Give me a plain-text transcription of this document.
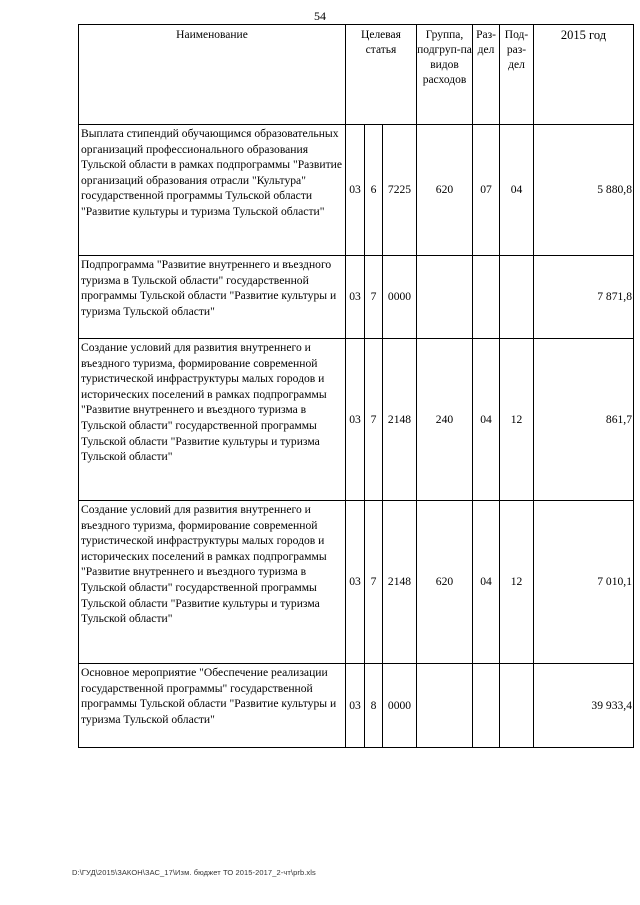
54
Наименование	Целевая статья			Группа, подгруп-па видов расходов	Раз-дел	Под-раз-дел	2015 год

Выплата стипендий обучающимся образовательных организаций профессионального образования Тульской области в рамках подпрограммы "Развитие организаций образования отрасли "Культура" государственной программы Тульской области "Развитие культуры и туризма Тульской области"	03	6	7225	620	07	04	5 880,8
Подпрограмма "Развитие внутреннего и въездного туризма в Тульской области" государственной программы Тульской области "Развитие культуры и туризма Тульской области"	03	7	0000				7 871,8
Создание условий для развития внутреннего и въездного туризма, формирование современной туристической инфраструктуры малых городов и исторических поселений в рамках подпрограммы "Развитие внутреннего и въездного туризма в Тульской области" государственной программы Тульской области "Развитие культуры и туризма Тульской области"	03	7	2148	240	04	12	861,7
Создание условий для развития внутреннего и въездного туризма, формирование современной туристической инфраструктуры малых городов и исторических поселений в рамках подпрограммы "Развитие внутреннего и въездного туризма в Тульской области" государственной программы Тульской области "Развитие культуры и туризма Тульской области"	03	7	2148	620	04	12	7 010,1
Основное мероприятие "Обеспечение реализации государственной программы" государственной программы Тульской области "Развитие культуры и туризма Тульской области"	03	8	0000				39 933,4
D:\ГУД\2015\ЗАКОН\ЗАС_17\Изм. бюджет ТО 2015-2017_2-чт\prb.xls
